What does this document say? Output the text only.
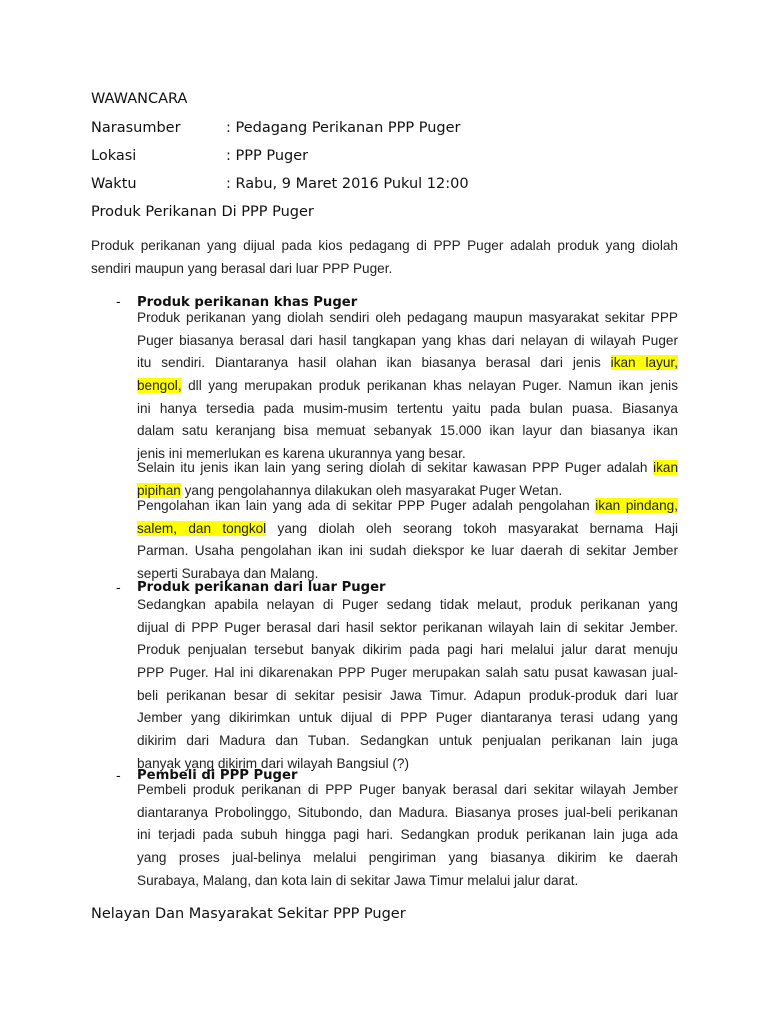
WAWANCARA
Narasumber	: Pedagang Perikanan PPP Puger
Lokasi	: PPP Puger
Waktu	: Rabu, 9 Maret 2016 Pukul 12:00
Produk Perikanan Di PPP Puger
Produk perikanan yang dijual pada kios pedagang di PPP Puger adalah produk yang diolah
sendiri maupun yang berasal dari luar PPP Puger.
- Produk perikanan khas Puger
Produk perikanan yang diolah sendiri oleh pedagang maupun masyarakat sekitar PPP
Puger biasanya berasal dari hasil tangkapan yang khas dari nelayan di wilayah Puger
itu sendiri. Diantaranya hasil olahan ikan biasanya berasal dari jenis ikan layur,
bengol, dll yang merupakan produk perikanan khas nelayan Puger. Namun ikan jenis
ini hanya tersedia pada musim-musim tertentu yaitu pada bulan puasa. Biasanya
dalam satu keranjang bisa memuat sebanyak 15.000 ikan layur dan biasanya ikan
jenis ini memerlukan es karena ukurannya yang besar.
Selain itu jenis ikan lain yang sering diolah di sekitar kawasan PPP Puger adalah ikan
pipihan yang pengolahannya dilakukan oleh masyarakat Puger Wetan.
Pengolahan ikan lain yang ada di sekitar PPP Puger adalah pengolahan ikan pindang,
salem, dan tongkol yang diolah oleh seorang tokoh masyarakat bernama Haji
Parman. Usaha pengolahan ikan ini sudah diekspor ke luar daerah di sekitar Jember
seperti Surabaya dan Malang.
- Produk perikanan dari luar Puger
Sedangkan apabila nelayan di Puger sedang tidak melaut, produk perikanan yang
dijual di PPP Puger berasal dari hasil sektor perikanan wilayah lain di sekitar Jember.
Produk penjualan tersebut banyak dikirim pada pagi hari melalui jalur darat menuju
PPP Puger. Hal ini dikarenakan PPP Puger merupakan salah satu pusat kawasan jual-
beli perikanan besar di sekitar pesisir Jawa Timur. Adapun produk-produk dari luar
Jember yang dikirimkan untuk dijual di PPP Puger diantaranya terasi udang yang
dikirim dari Madura dan Tuban. Sedangkan untuk penjualan perikanan lain juga
banyak yang dikirim dari wilayah Bangsiul (?)
- Pembeli di PPP Puger
Pembeli produk perikanan di PPP Puger banyak berasal dari sekitar wilayah Jember
diantaranya Probolinggo, Situbondo, dan Madura. Biasanya proses jual-beli perikanan
ini terjadi pada subuh hingga pagi hari. Sedangkan produk perikanan lain juga ada
yang proses jual-belinya melalui pengiriman yang biasanya dikirim ke daerah
Surabaya, Malang, dan kota lain di sekitar Jawa Timur melalui jalur darat.
Nelayan Dan Masyarakat Sekitar PPP Puger
